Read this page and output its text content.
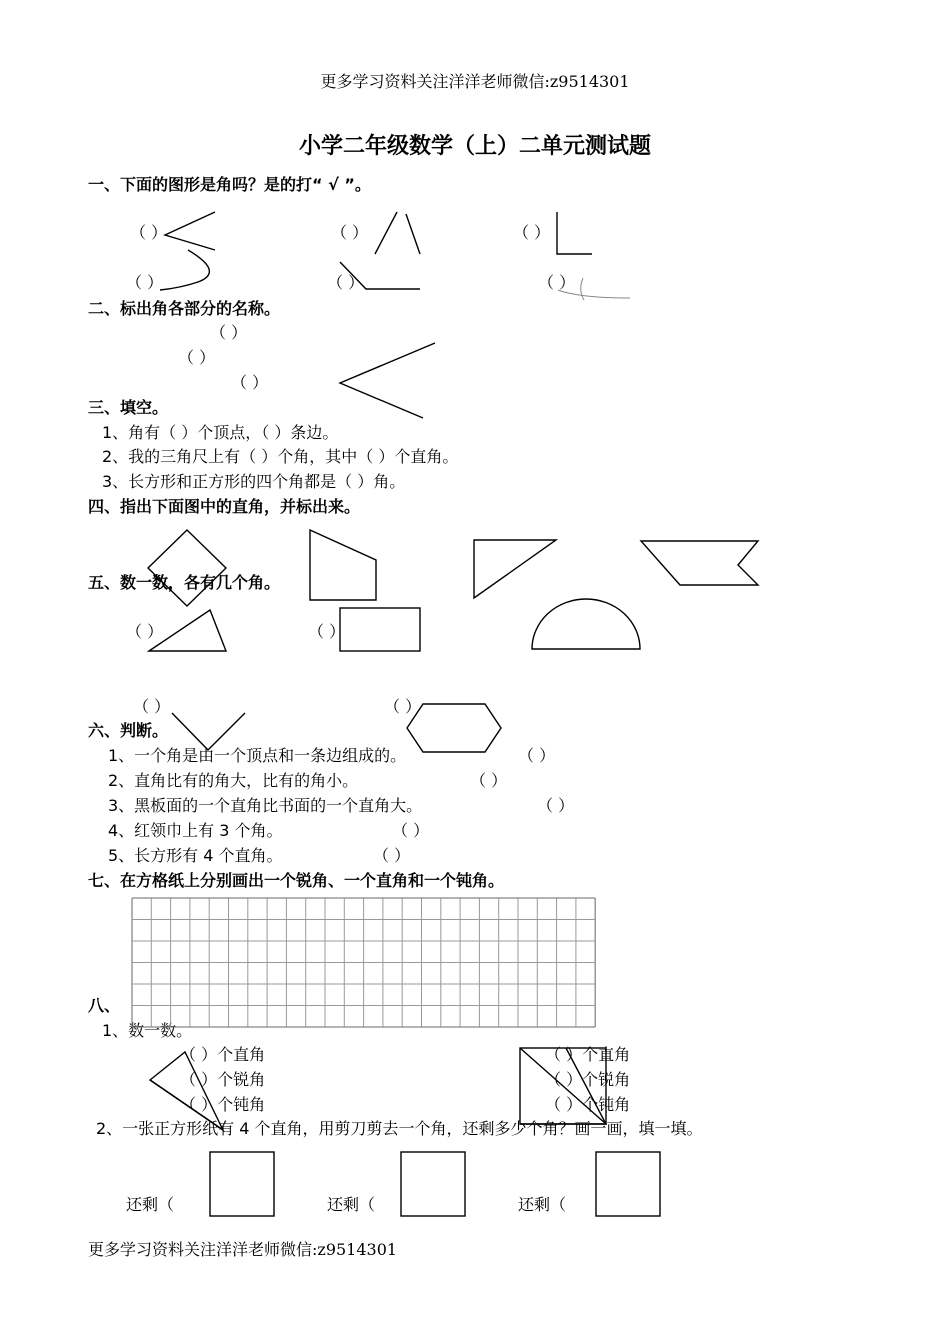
更多学习资料关注洋洋老师微信:z9514301
更多学习资料关注洋洋老师微信:z9514301
小学二年级数学（上）二单元测试题
一、下面的图形是角吗？是的打“ √ ”。
（ ）	（ ）	（ ）
（ ）	（ ）	（ ）
二、标出角各部分的名称。
（ ）
（ ）
（ ）
三、填空。
1、角有（ ）个顶点，（ ）条边。
2、我的三角尺上有（ ）个角，其中（ ）个直角。
3、长方形和正方形的四个角都是（ ）角。
四、指出下面图中的直角，并标出来。
五、数一数，各有几个角。
（ ）	（ ）
（ ）	（ ）
六、判断。
1、一个角是由一个顶点和一条边组成的。	（ ）
2、直角比有的角大，比有的角小。	（ ）
3、黑板面的一个直角比书面的一个直角大。	（ ）
4、红领巾上有 3 个角。	（ ）
5、长方形有 4 个直角。	（ ）
七、在方格纸上分别画出一个锐角、一个直角和一个钝角。
八、
1、数一数。
（ ）个直角
（ ）个锐角
（ ）个钝角
（ ）个直角
（ ）个锐角
（ ）个钝角
2、一张正方形纸有 4 个直角，用剪刀剪去一个角，还剩多少个角？画一画，填一填。
还剩（	还剩（	还剩（
